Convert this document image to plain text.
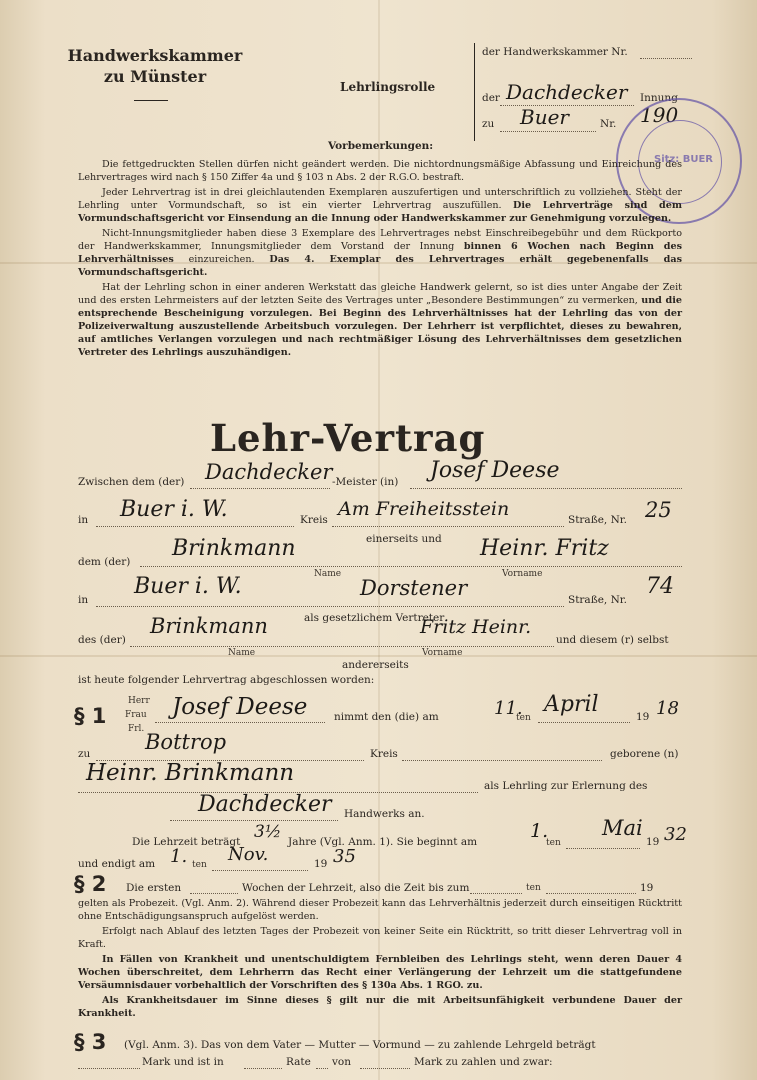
Handwerkskammer
zu Münster
Lehrlingsrolle
der Handwerkskammer Nr.
der Dachdecker Innung
zu Buer	Nr. 190
Sitz: BUER
Vorbemerkungen:

Die fettgedruckten Stellen dürfen nicht geändert werden. Die nichtordnungsmäßige Abfassung und Einreichung des Lehrvertrages wird nach § 150 Ziffer 4a und § 103 n Abs. 2 der R.G.O. bestraft.

Jeder Lehrvertrag ist in drei gleichlautenden Exemplaren auszufertigen und unterschriftlich zu vollziehen. Steht der Lehrling unter Vormundschaft, so ist ein vierter Lehrvertrag auszufüllen. Die Lehrverträge sind dem Vormundschaftsgericht vor Einsendung an die Innung oder Handwerkskammer zur Genehmigung vorzulegen.

Nicht-Innungsmitglieder haben diese 3 Exemplare des Lehrvertrages nebst Einschreibegebühr und dem Rückporto der Handwerkskammer, Innungsmitglieder dem Vorstand der Innung binnen 6 Wochen nach Beginn des Lehrverhältnisses einzureichen. Das 4. Exemplar des Lehrvertrages erhält gegebenenfalls das Vormundschaftsgericht.

Hat der Lehrling schon in einer anderen Werkstatt das gleiche Handwerk gelernt, so ist dies unter Angabe der Zeit und des ersten Lehrmeisters auf der letzten Seite des Vertrages unter „Besondere Bestimmungen“ zu vermerken, und die entsprechende Bescheinigung vorzulegen. Bei Beginn des Lehrverhältnisses hat der Lehrling das von der Polizeiverwaltung auszustellende Arbeitsbuch vorzulegen. Der Lehrherr ist verpflichtet, dieses zu bewahren, auf amtliches Verlangen vorzulegen und nach rechtmäßiger Lösung des Lehrverhältnisses dem gesetzlichen Vertreter des Lehrlings auszuhändigen.

Lehr-Vertrag
Zwischen dem (der) Dachdecker -Meister (in) Josef Deese
in Buer i. W.	Kreis Am Freiheitsstein	Straße, Nr. 25
einerseits und
dem (der)
Brinkmann	Heinr. Fritz
Name	Vorname
in
Buer i. W.	Dorstener	Straße, Nr.
74
als gesetzlichem Vertreter
des (der)
Brinkmann	Fritz Heinr.
und diesem (r) selbst
Name	Vorname
andererseits
ist heute folgender Lehrvertrag abgeschlossen worden:
§ 1
Herr
Frau
Frl.
Josef Deese	nimmt den (die) am	11.
ten
April	19 18
zu	Bottrop	Kreis	geborene (n)
Heinr. Brinkmann	als Lehrling zur Erlernung des
Dachdecker Handwerks an.
Die Lehrzeit beträgt 3½ Jahre (Vgl. Anm. 1). Sie beginnt am	1.
ten
Mai
19 32
und endigt am 1. ten Nov.	19 35
§ 2 Die ersten	Wochen der Lehrzeit, also die Zeit bis zum	ten	19

gelten als Probezeit. (Vgl. Anm. 2). Während dieser Probezeit kann das Lehrverhältnis jederzeit durch einseitigen Rücktritt ohne Entschädigungsanspruch aufgelöst werden.

Erfolgt nach Ablauf des letzten Tages der Probezeit von keiner Seite ein Rücktritt, so tritt dieser Lehrvertrag voll in Kraft.

In Fällen von Krankheit und unentschuldigtem Fernbleiben des Lehrlings steht, wenn deren Dauer 4 Wochen überschreitet, dem Lehrherrn das Recht einer Verlängerung der Lehrzeit um die stattgefundene Versäumnisdauer vorbehaltlich der Vorschriften des § 130a Abs. 1 RGO. zu.

Als Krankheitsdauer im Sinne dieses § gilt nur die mit Arbeitsunfähigkeit verbundene Dauer der Krankheit.

§ 3 (Vgl. Anm. 3). Das von dem Vater — Mutter — Vormund — zu zahlende Lehrgeld beträgt
Mark und ist in	Rate von	Mark zu zahlen und zwar:
